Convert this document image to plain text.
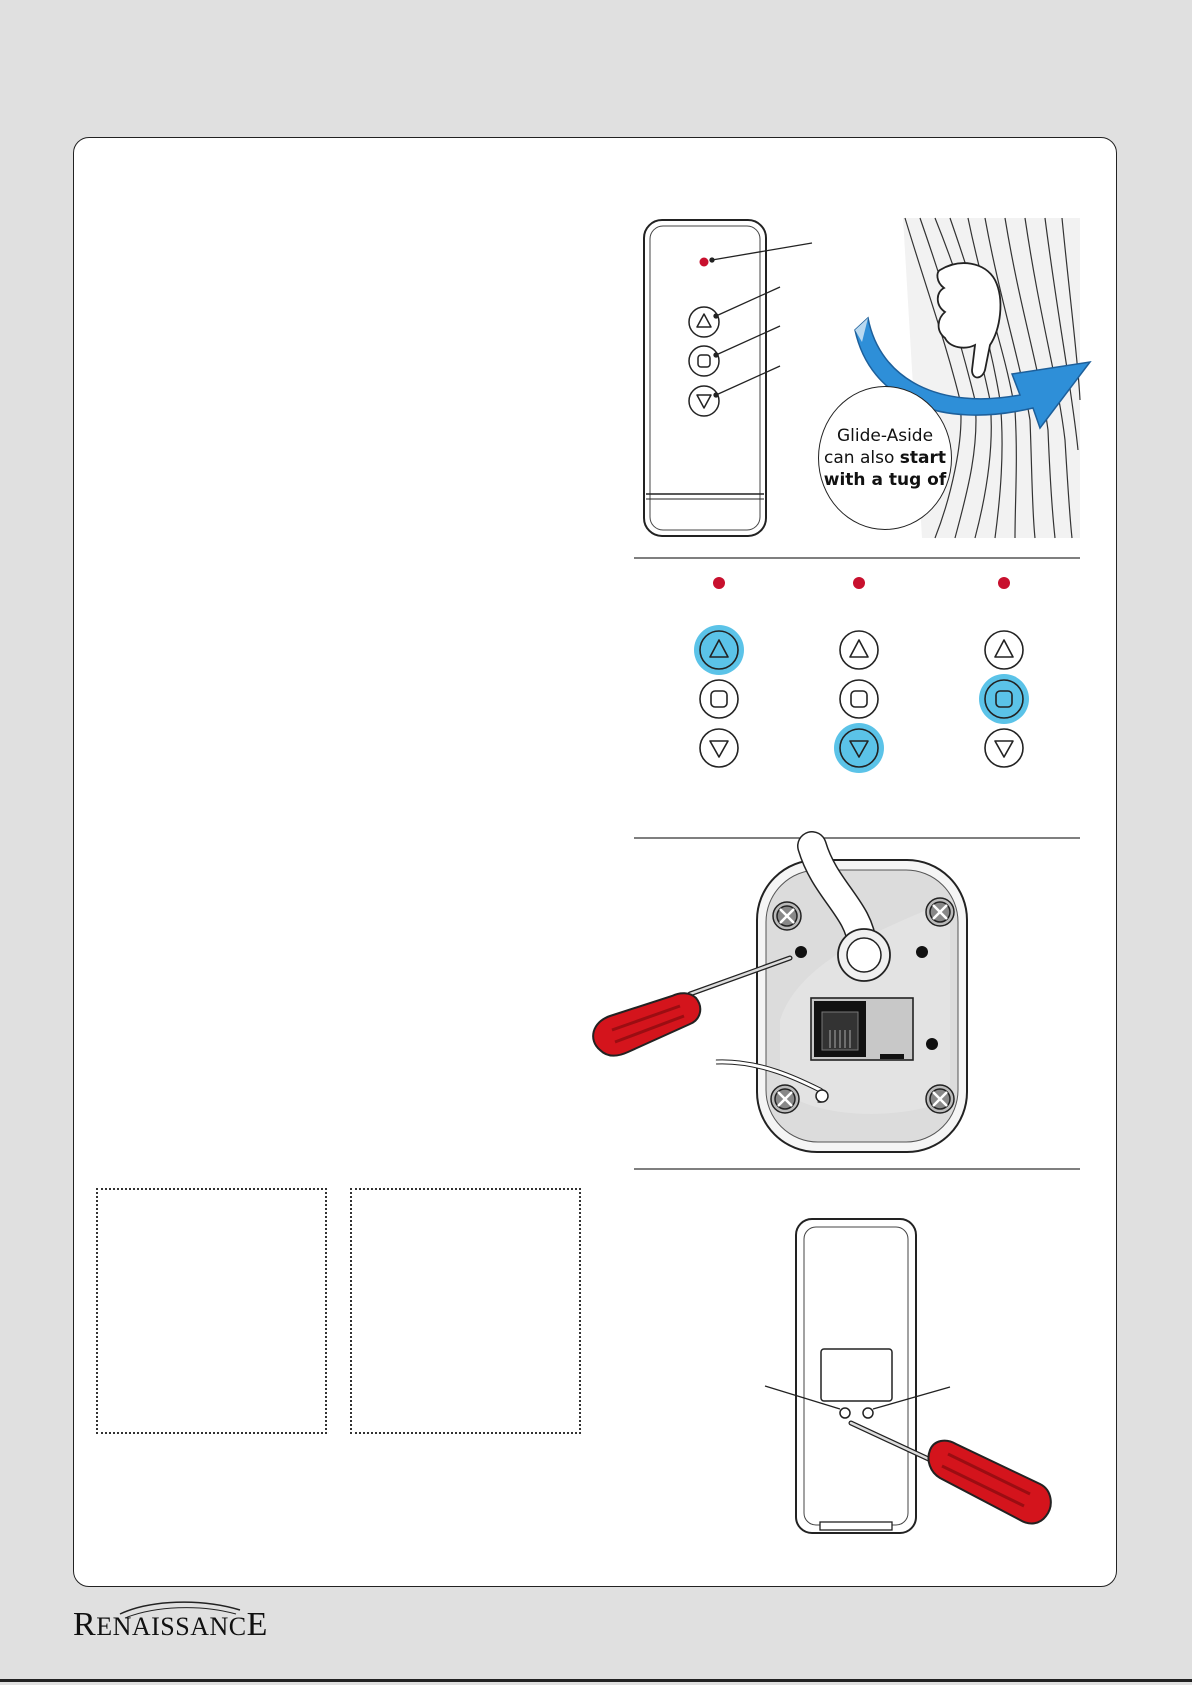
Glide-Aside
can also start
with a tug of
RENAISSANCE
